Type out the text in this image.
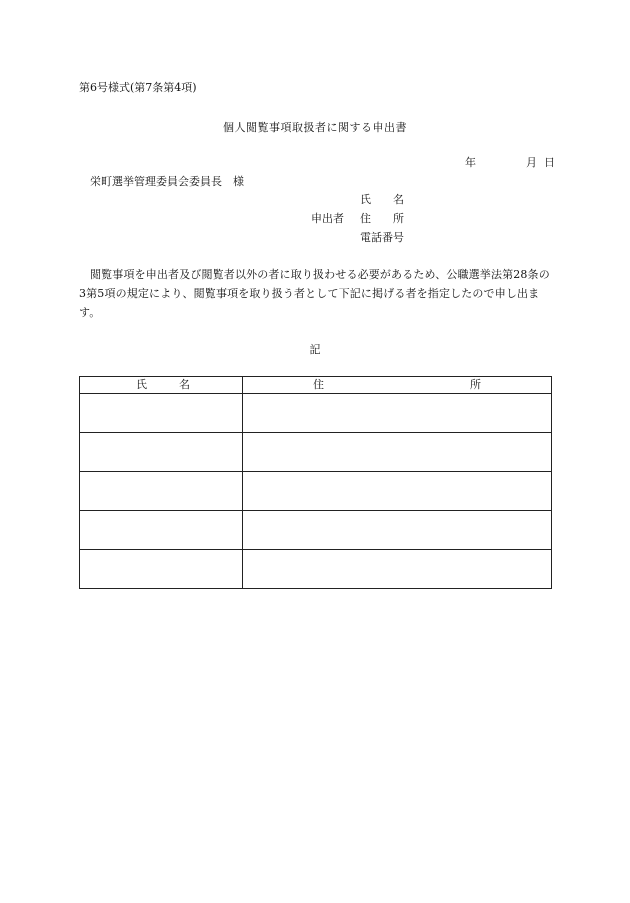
第6号様式(第7条第4項)
個人閲覧事項取扱者に関する申出書
年	月 日
栄町選挙管理委員会委員長　様
氏 名
申出者 住 所
電話番号
閲覧事項を申出者及び閲覧者以外の者に取り扱わせる必要があるため、公職選挙法第28条の3第5項の規定により、閲覧事項を取り扱う者として下記に掲げる者を指定したので申し出ます。
記
氏 名	住 所
